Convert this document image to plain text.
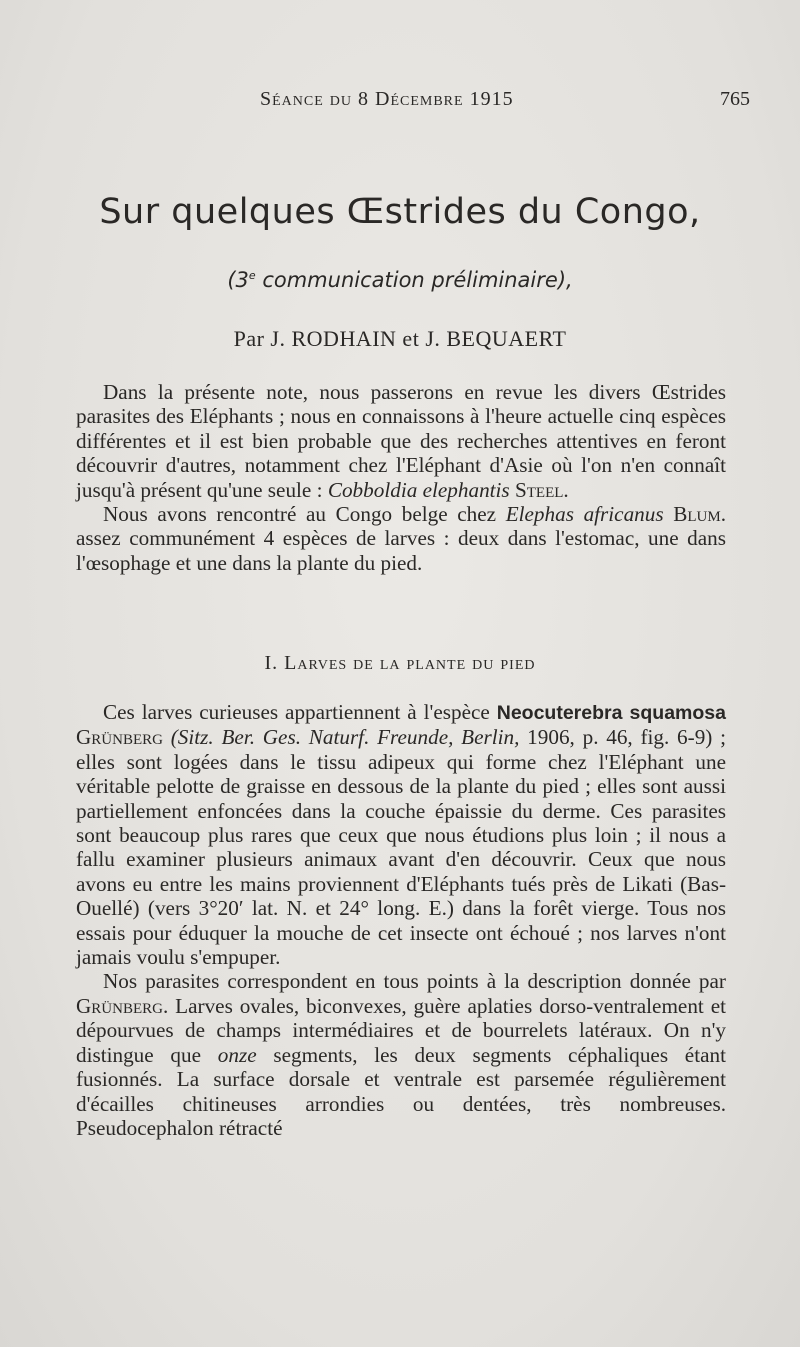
Séance du 8 Décembre 1915	765
Sur quelques Œstrides du Congo,
(3e communication préliminaire),
Par J. RODHAIN et J. BEQUAERT

Dans la présente note, nous passerons en revue les divers Œstrides parasites des Eléphants ; nous en connaissons à l'heure actuelle cinq espèces différentes et il est bien probable que des recherches attentives en feront découvrir d'autres, notamment chez l'Eléphant d'Asie où l'on n'en connaît jusqu'à présent qu'une seule : Cobboldia elephantis Steel.

Nous avons rencontré au Congo belge chez Elephas africanus Blum. assez communément 4 espèces de larves : deux dans l'estomac, une dans l'œsophage et une dans la plante du pied.

I. Larves de la plante du pied

Ces larves curieuses appartiennent à l'espèce Neocuterebra squamosa Grünberg (Sitz. Ber. Ges. Naturf. Freunde, Berlin, 1906, p. 46, fig. 6-9) ; elles sont logées dans le tissu adipeux qui forme chez l'Eléphant une véritable pelotte de graisse en dessous de la plante du pied ; elles sont aussi partiellement enfoncées dans la couche épaissie du derme. Ces parasites sont beaucoup plus rares que ceux que nous étudions plus loin ; il nous a fallu examiner plusieurs animaux avant d'en découvrir. Ceux que nous avons eu entre les mains proviennent d'Eléphants tués près de Likati (Bas-Ouellé) (vers 3°20′ lat. N. et 24° long. E.) dans la forêt vierge. Tous nos essais pour éduquer la mouche de cet insecte ont échoué ; nos larves n'ont jamais voulu s'empuper.

Nos parasites correspondent en tous points à la description donnée par Grünberg. Larves ovales, biconvexes, guère aplaties dorso-ventralement et dépourvues de champs intermédiaires et de bourrelets latéraux. On n'y distingue que onze segments, les deux segments céphaliques étant fusionnés. La surface dorsale et ventrale est parsemée régulièrement d'écailles chitineuses arrondies ou dentées, très nombreuses. Pseudocephalon rétracté
